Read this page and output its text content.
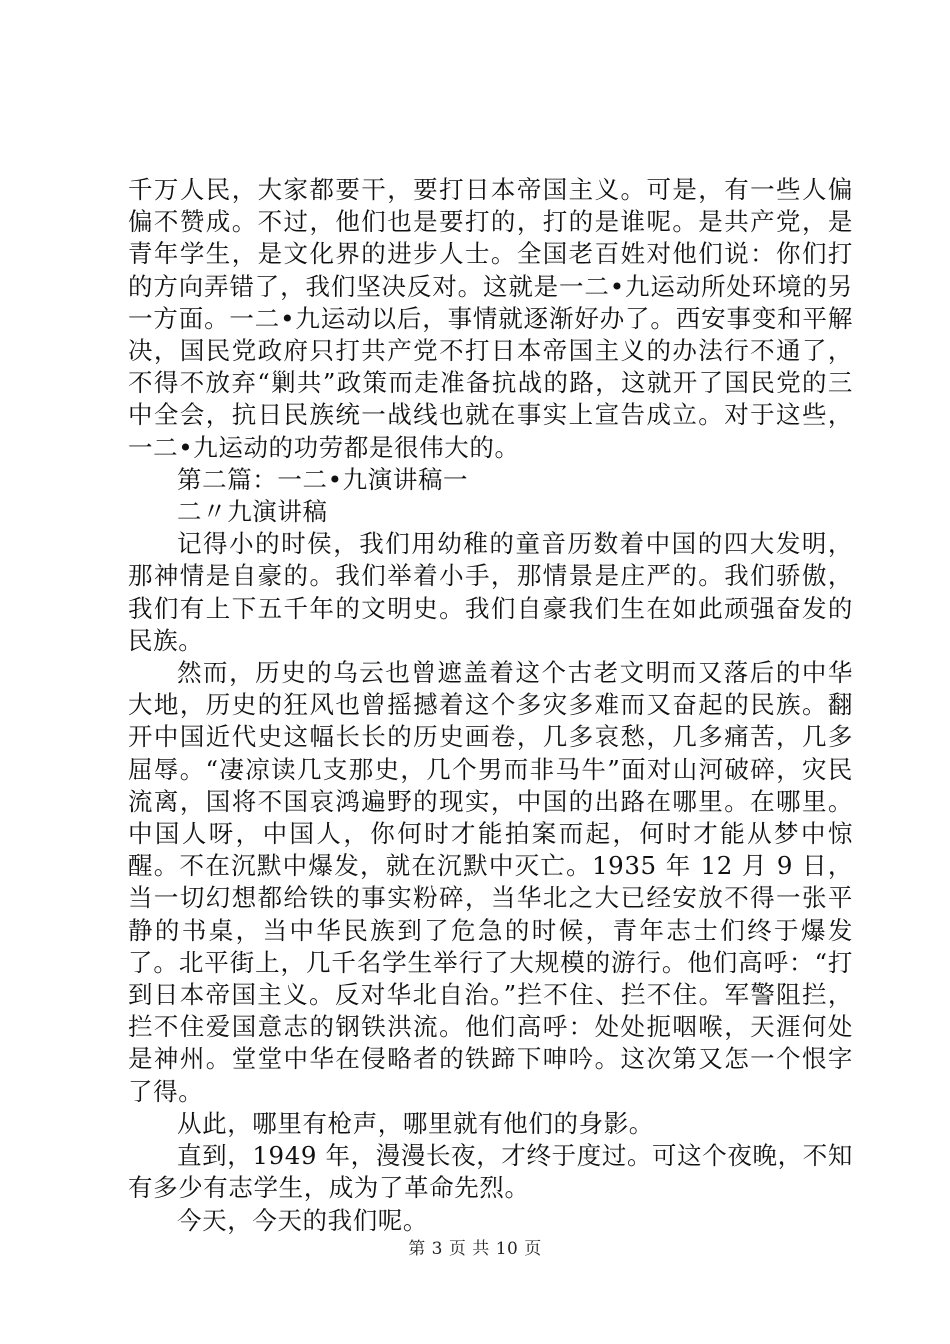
千万人民，大家都要干，要打日本帝国主义。可是，有一些人偏偏不赞成。不过，他们也是要打的，打的是谁呢。是共产党，是青年学生，是文化界的进步人士。全国老百姓对他们说：你们打的方向弄错了，我们坚决反对。这就是一二•九运动所处环境的另一方面。一二•九运动以后，事情就逐渐好办了。西安事变和平解决，国民党政府只打共产党不打日本帝国主义的办法行不通了，不得不放弃“剿共”政策而走准备抗战的路，这就开了国民党的三中全会，抗日民族统一战线也就在事实上宣告成立。对于这些，一二•九运动的功劳都是很伟大的。

第二篇：一二•九演讲稿一

二〃九演讲稿

记得小的时侯，我们用幼稚的童音历数着中国的四大发明，那神情是自豪的。我们举着小手，那情景是庄严的。我们骄傲，我们有上下五千年的文明史。我们自豪我们生在如此顽强奋发的民族。

然而，历史的乌云也曾遮盖着这个古老文明而又落后的中华大地，历史的狂风也曾摇撼着这个多灾多难而又奋起的民族。翻开中国近代史这幅长长的历史画卷，几多哀愁，几多痛苦，几多屈辱。“凄凉读几支那史，几个男而非马牛”面对山河破碎，灾民流离，国将不国哀鸿遍野的现实，中国的出路在哪里。在哪里。中国人呀，中国人，你何时才能拍案而起，何时才能从梦中惊醒。不在沉默中爆发，就在沉默中灭亡。1935 年 12 月 9 日，当一切幻想都给铁的事实粉碎，当华北之大已经安放不得一张平静的书桌，当中华民族到了危急的时候，青年志士们终于爆发了。北平街上，几千名学生举行了大规模的游行。他们高呼：“打到日本帝国主义。反对华北自治。”拦不住、拦不住。军警阻拦，拦不住爱国意志的钢铁洪流。他们高呼：处处扼咽喉，天涯何处是神州。堂堂中华在侵略者的铁蹄下呻吟。这次第又怎一个恨字了得。

从此，哪里有枪声，哪里就有他们的身影。

直到，1949 年，漫漫长夜，才终于度过。可这个夜晚，不知有多少有志学生，成为了革命先烈。

今天，今天的我们呢。

第 3 页 共 10 页
